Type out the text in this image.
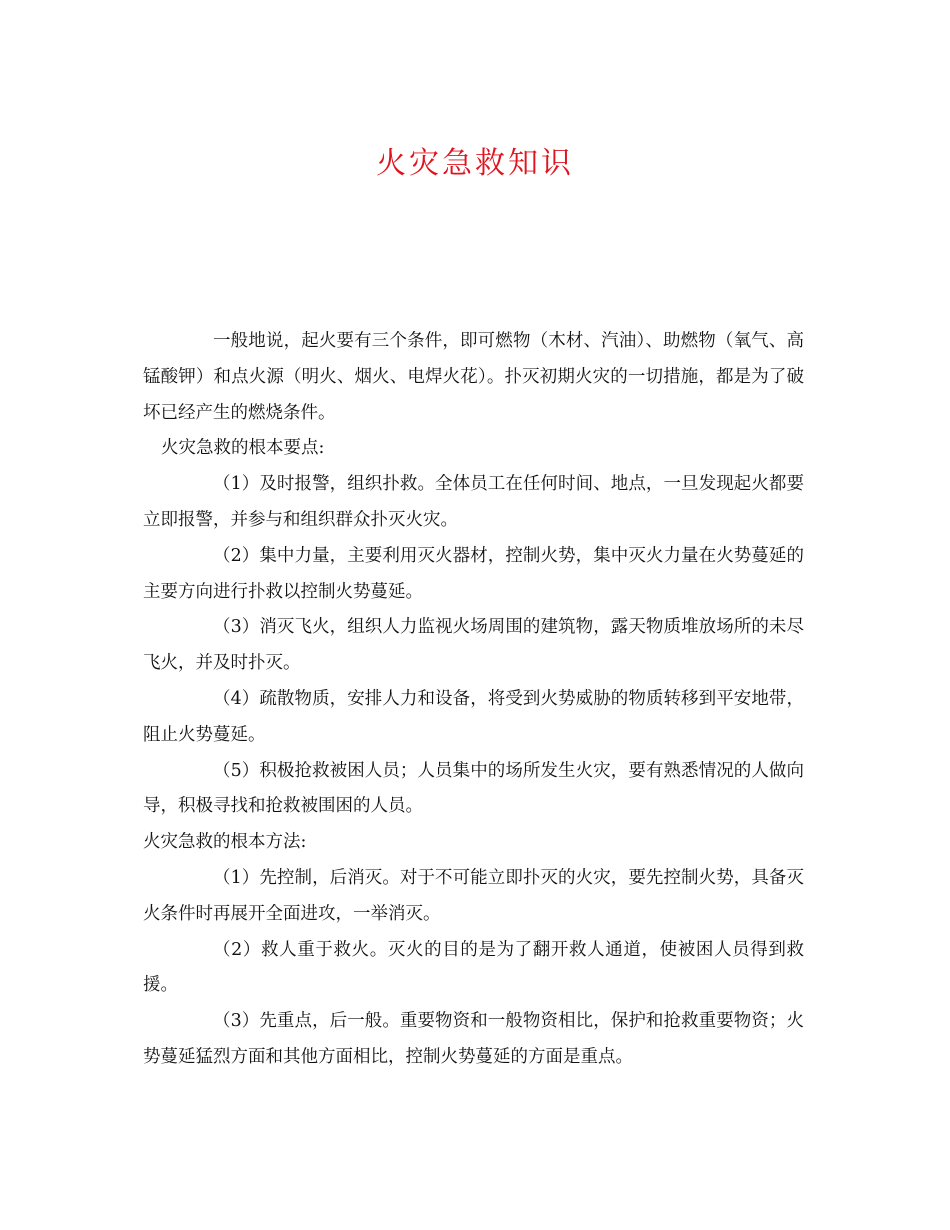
火灾急救知识

一般地说，起火要有三个条件，即可燃物（木材、汽油）、助燃物（氧气、高锰酸钾）和点火源（明火、烟火、电焊火花）。扑灭初期火灾的一切措施，都是为了破坏已经产生的燃烧条件。

火灾急救的根本要点:

（1）及时报警，组织扑救。全体员工在任何时间、地点，一旦发现起火都要立即报警，并参与和组织群众扑灭火灾。

（2）集中力量，主要利用灭火器材，控制火势，集中灭火力量在火势蔓延的主要方向进行扑救以控制火势蔓延。

（3）消灭飞火，组织人力监视火场周围的建筑物，露天物质堆放场所的未尽飞火，并及时扑灭。

（4）疏散物质，安排人力和设备，将受到火势威胁的物质转移到平安地带，阻止火势蔓延。

（5）积极抢救被困人员；人员集中的场所发生火灾，要有熟悉情况的人做向导，积极寻找和抢救被围困的人员。

火灾急救的根本方法:

（1）先控制，后消灭。对于不可能立即扑灭的火灾，要先控制火势，具备灭火条件时再展开全面进攻，一举消灭。

（2）救人重于救火。灭火的目的是为了翻开救人通道，使被困人员得到救援。

（3）先重点，后一般。重要物资和一般物资相比，保护和抢救重要物资；火势蔓延猛烈方面和其他方面相比，控制火势蔓延的方面是重点。
